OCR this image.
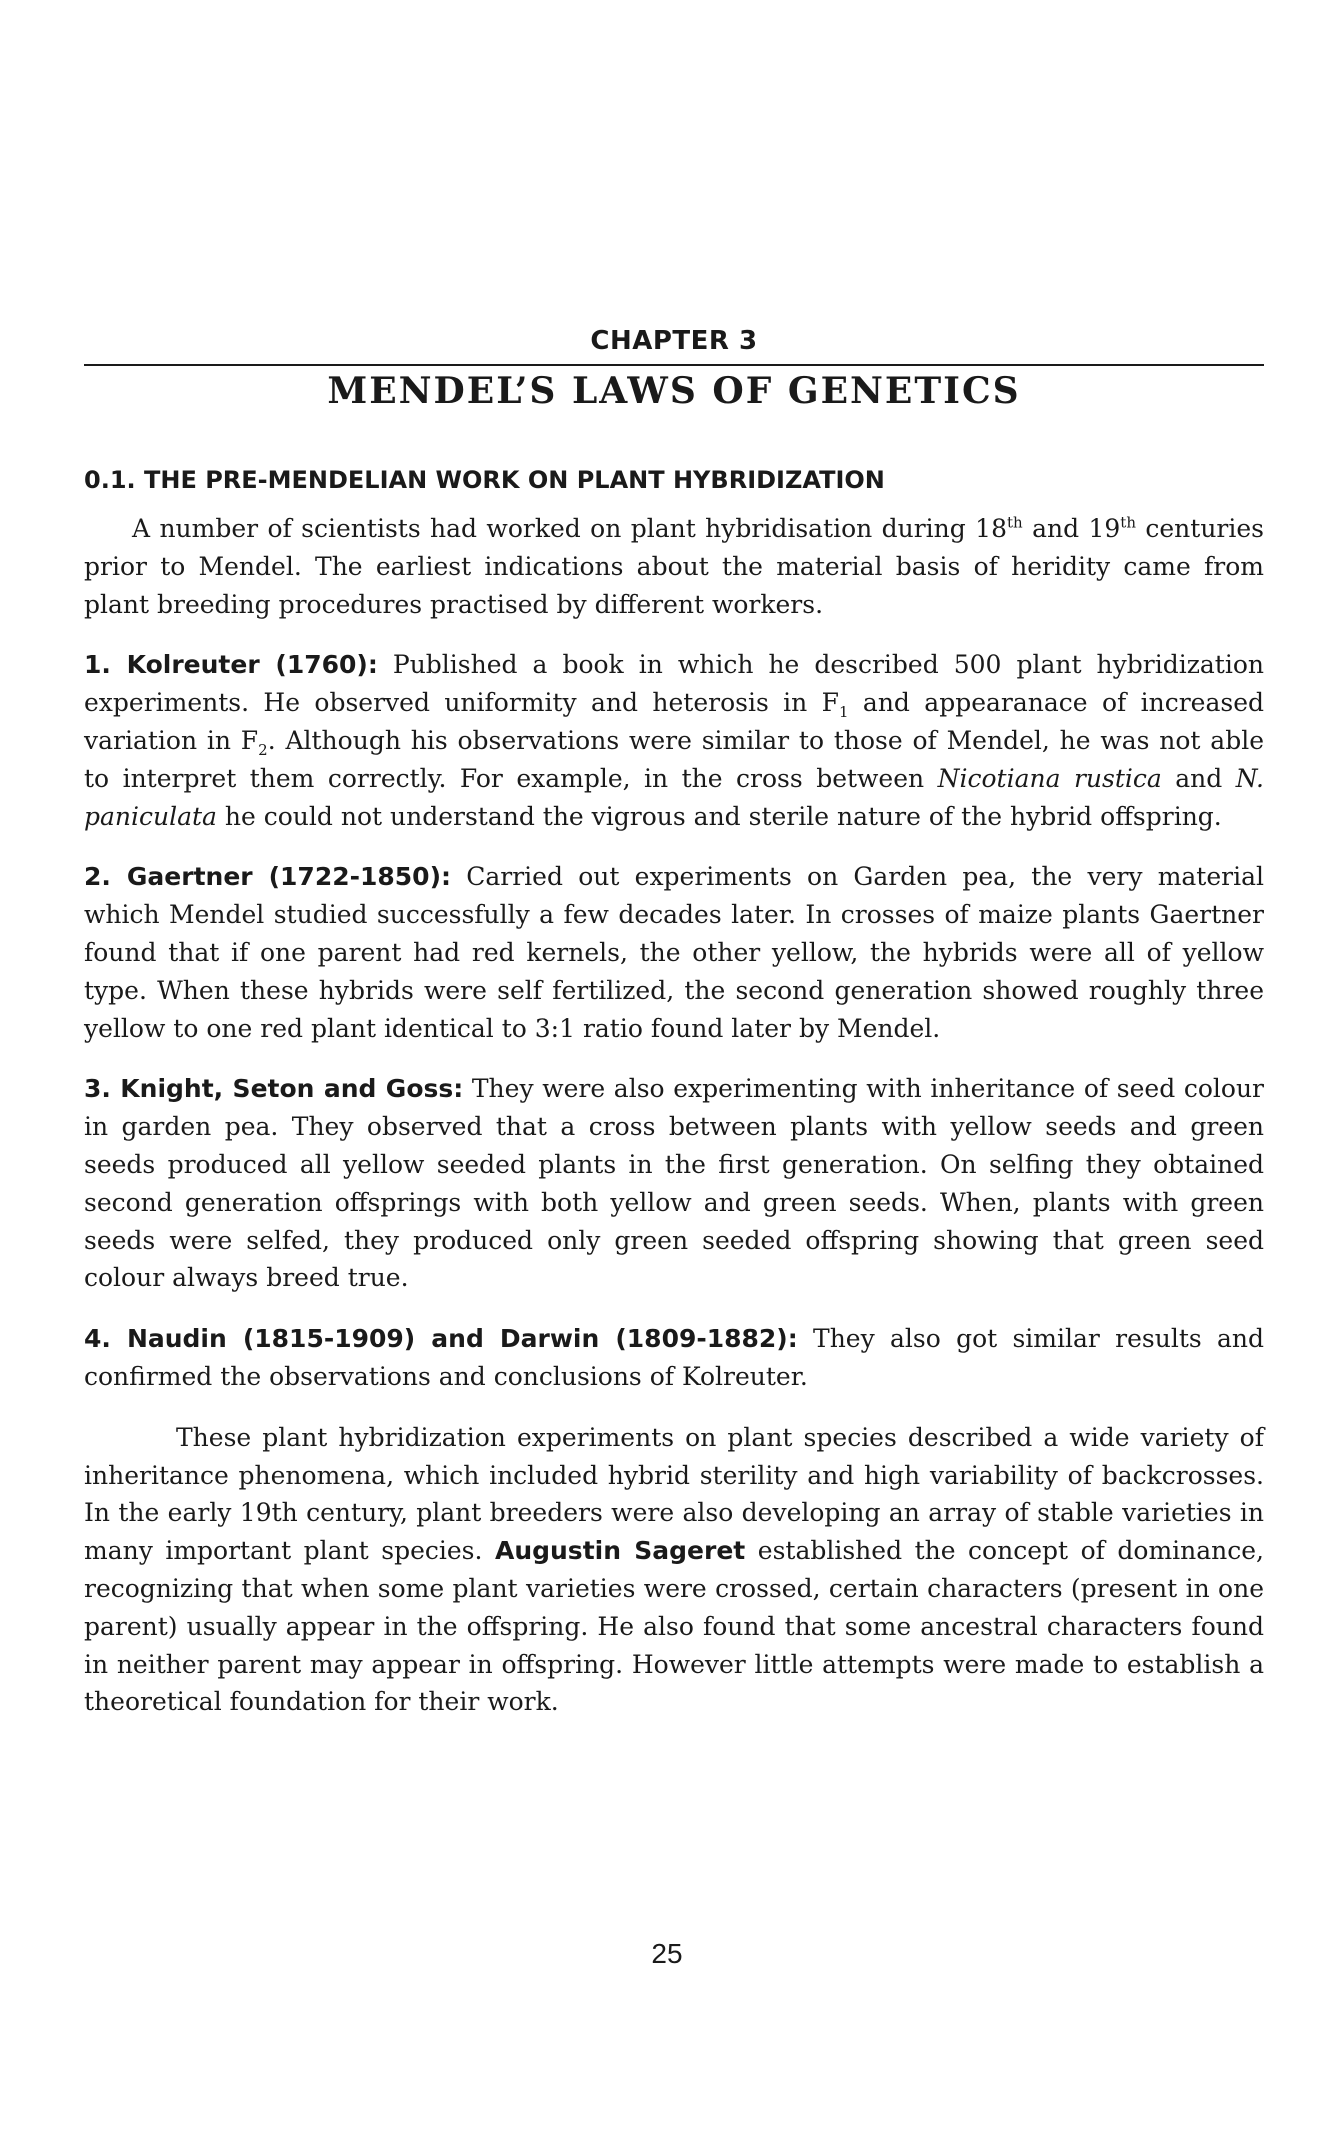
CHAPTER 3
MENDEL’S LAWS OF GENETICS
0.1. THE PRE-MENDELIAN WORK ON PLANT HYBRIDIZATION

A number of scientists had worked on plant hybridisation during 18th and 19th centuries prior to Mendel. The earliest indications about the material basis of heridity came from plant breeding procedures practised by different workers.

1. Kolreuter (1760): Published a book in which he described 500 plant hybridization experiments. He observed uniformity and heterosis in $F_1$ and appearanace of increased variation in $F_2$. Although his observations were similar to those of Mendel, he was not able to interpret them correctly. For example, in the cross between Nicotiana rustica and N. paniculata he could not understand the vigrous and sterile nature of the hybrid offspring.

2. Gaertner (1722-1850): Carried out experiments on Garden pea, the very material which Mendel studied successfully a few decades later. In crosses of maize plants Gaertner found that if one parent had red kernels, the other yellow, the hybrids were all of yellow type. When these hybrids were self fertilized, the second generation showed roughly three yellow to one red plant identical to 3:1 ratio found later by Mendel.

3. Knight, Seton and Goss: They were also experimenting with inheritance of seed colour in garden pea. They observed that a cross between plants with yellow seeds and green seeds produced all yellow seeded plants in the first generation. On selfing they obtained second generation offsprings with both yellow and green seeds. When, plants with green seeds were selfed, they produced only green seeded offspring showing that green seed colour always breed true.

4. Naudin (1815-1909) and Darwin (1809-1882): They also got similar results and confirmed the observations and conclusions of Kolreuter.

These plant hybridization experiments on plant species described a wide variety of inheritance phenomena, which included hybrid sterility and high variability of backcrosses. In the early 19th century, plant breeders were also developing an array of stable varieties in many important plant species. Augustin Sageret established the concept of dominance, recognizing that when some plant varieties were crossed, certain characters (present in one parent) usually appear in the offspring. He also found that some ancestral characters found in neither parent may appear in offspring. However little attempts were made to establish a theoretical foundation for their work.

25
